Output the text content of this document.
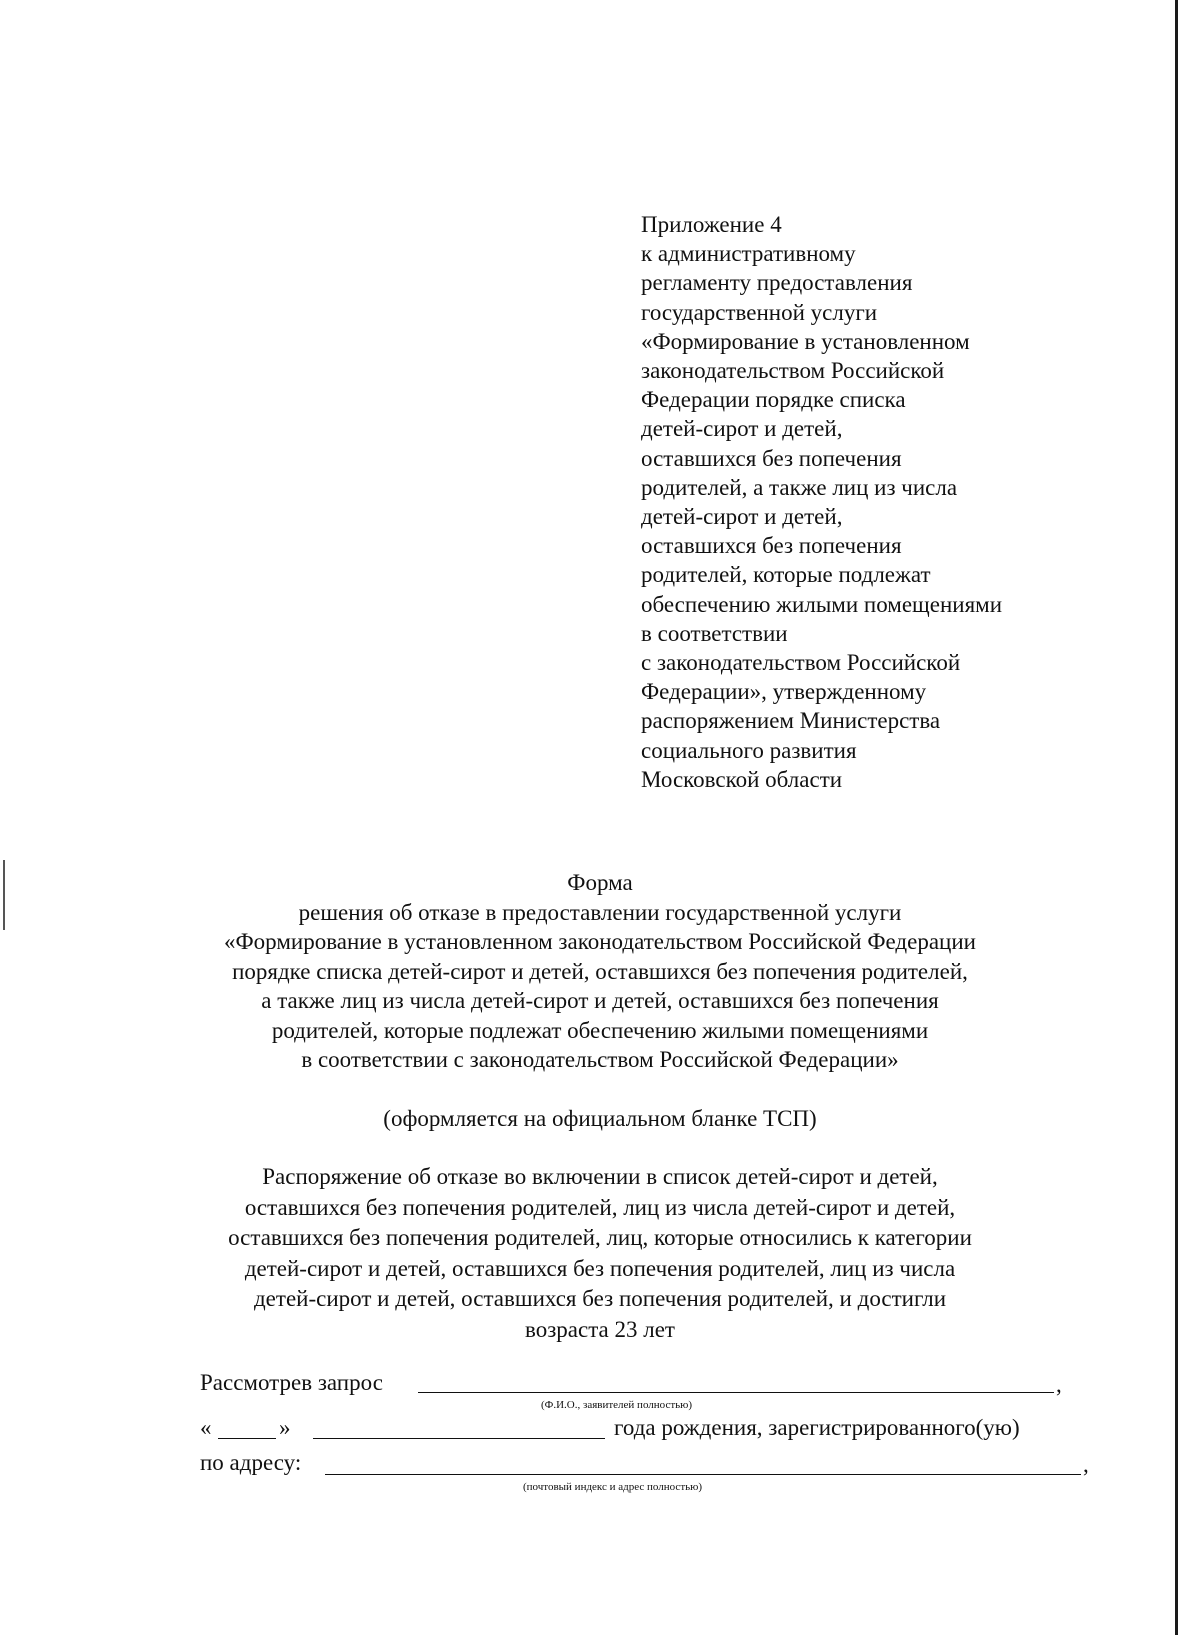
Приложение 4
к административному
регламенту предоставления
государственной услуги
«Формирование в установленном
законодательством Российской
Федерации порядке списка
детей-сирот и детей,
оставшихся без попечения
родителей, а также лиц из числа
детей-сирот и детей,
оставшихся без попечения
родителей, которые подлежат
обеспечению жилыми помещениями
в соответствии
с законодательством Российской
Федерации», утвержденному
распоряжением Министерства
социального развития
Московской области
Форма
решения об отказе в предоставлении государственной услуги
«Формирование в установленном законодательством Российской Федерации
порядке списка детей-сирот и детей, оставшихся без попечения родителей,
а также лиц из числа детей-сирот и детей, оставшихся без попечения
родителей, которые подлежат обеспечению жилыми помещениями
в соответствии с законодательством Российской Федерации»
(оформляется на официальном бланке ТСП)
Распоряжение об отказе во включении в список детей-сирот и детей,
оставшихся без попечения родителей, лиц из числа детей-сирот и детей,
оставшихся без попечения родителей, лиц, которые относились к категории
детей-сирот и детей, оставшихся без попечения родителей, лиц из числа
детей-сирот и детей, оставшихся без попечения родителей, и достигли
возраста 23 лет
Рассмотрев запрос	,
(Ф.И.О., заявителей полностью)
«	»	года рождения, зарегистрированного(ую)
по адресу:	,
(почтовый индекс и адрес полностью)
